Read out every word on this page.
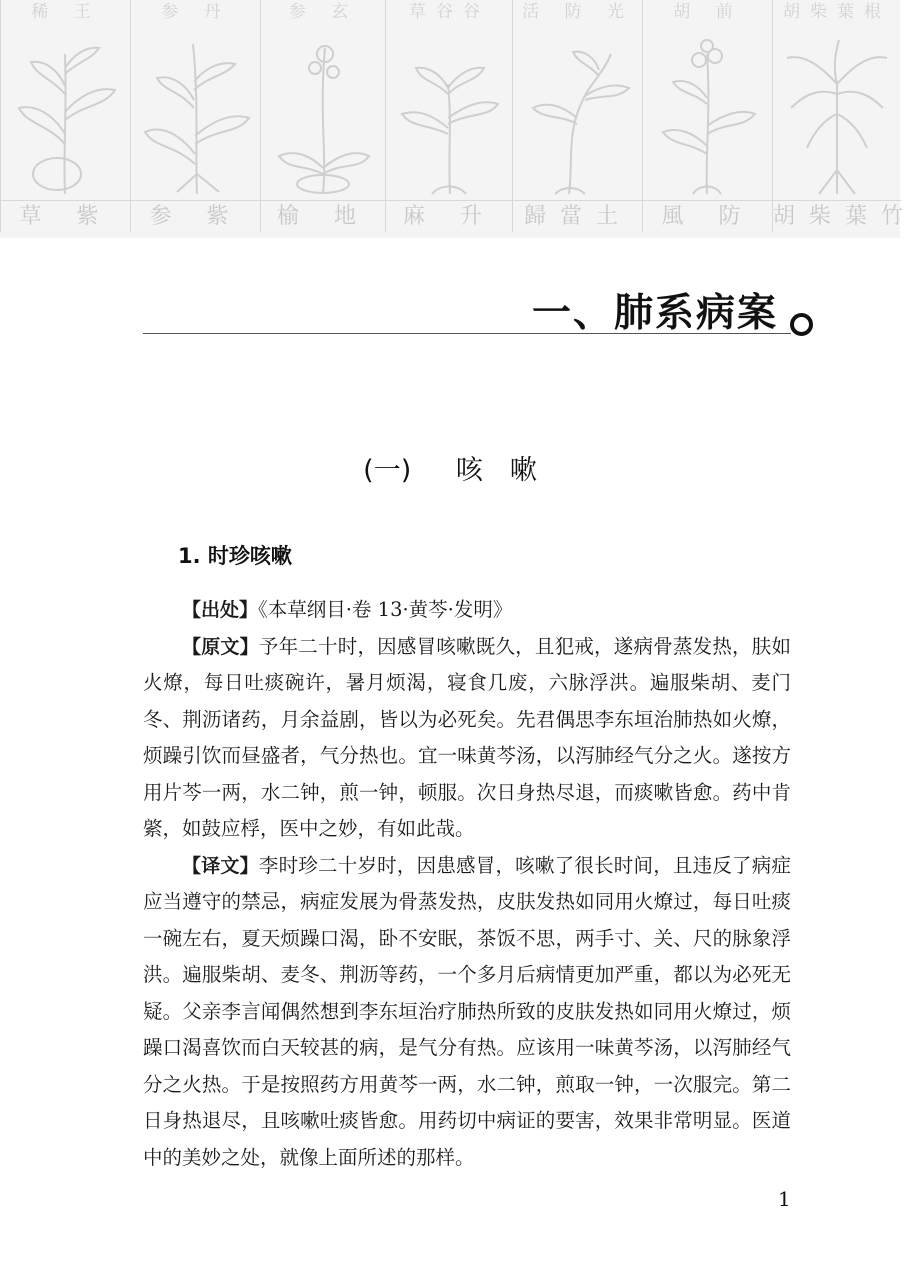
稀 王
草 紫
参 丹
参 紫
参 玄
榆 地
草谷谷
麻 升
活 防 光
歸當土
胡 前
風 防
胡柴葉根
胡柴葉竹
一、肺系病案
(一) 咳　嗽
1. 时珍咳嗽

【出处】《本草纲目·卷 13·黄芩·发明》

【原文】予年二十时，因感冒咳嗽既久，且犯戒，遂病骨蒸发热，肤如火燎，每日吐痰碗许，暑月烦渴，寝食几废，六脉浮洪。遍服柴胡、麦门冬、荆沥诸药，月余益剧，皆以为必死矣。先君偶思李东垣治肺热如火燎，烦躁引饮而昼盛者，气分热也。宜一味黄芩汤，以泻肺经气分之火。遂按方用片芩一两，水二钟，煎一钟，顿服。次日身热尽退，而痰嗽皆愈。药中肯綮，如鼓应桴，医中之妙，有如此哉。

【译文】李时珍二十岁时，因患感冒，咳嗽了很长时间，且违反了病症应当遵守的禁忌，病症发展为骨蒸发热，皮肤发热如同用火燎过，每日吐痰一碗左右，夏天烦躁口渴，卧不安眠，茶饭不思，两手寸、关、尺的脉象浮洪。遍服柴胡、麦冬、荆沥等药，一个多月后病情更加严重，都以为必死无疑。父亲李言闻偶然想到李东垣治疗肺热所致的皮肤发热如同用火燎过，烦躁口渴喜饮而白天较甚的病，是气分有热。应该用一味黄芩汤，以泻肺经气分之火热。于是按照药方用黄芩一两，水二钟，煎取一钟，一次服完。第二日身热退尽，且咳嗽吐痰皆愈。用药切中病证的要害，效果非常明显。医道中的美妙之处，就像上面所述的那样。

1
